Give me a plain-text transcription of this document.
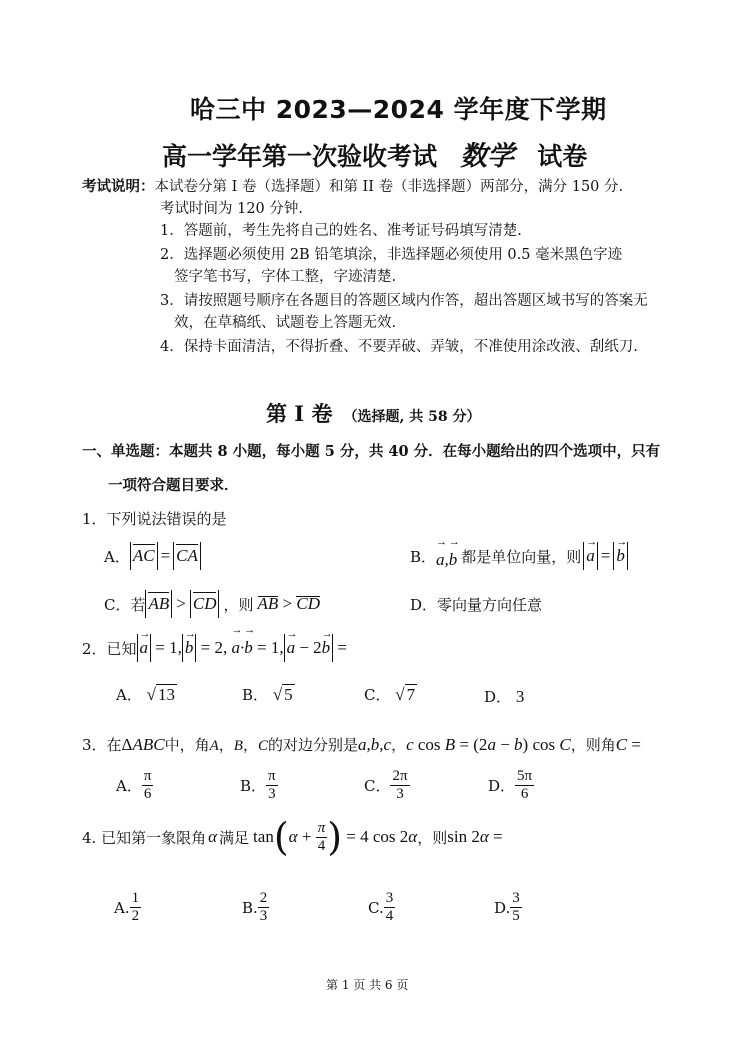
哈三中 2023—2024 学年度下学期
高一学年第一次验收考试 数学 试卷
考试说明：本试卷分第 I 卷（选择题）和第 II 卷（非选择题）两部分，满分 150 分.
考试时间为 120 分钟.
1．答题前，考生先将自己的姓名、准考证号码填写清楚.
2．选择题必须使用 2B 铅笔填涂，非选择题必须使用 0.5 毫米黑色字迹
签字笔书写，字体工整，字迹清楚.
3．请按照题号顺序在各题目的答题区域内作答，超出答题区域书写的答案无
效，在草稿纸、试题卷上答题无效.
4．保持卡面清洁，不得折叠、不要弄破、弄皱，不准使用涂改液、刮纸刀.
第 I 卷 （选择题, 共 58 分）
一、单选题：本题共 8 小题，每小题 5 分，共 40 分．在每小题给出的四个选项中，只有
一项符合题目要求．
1．下列说法错误的是
A． AC = CA	B． → a,→ b 都是单位向量，则 → a = → b
C．若 AB > CD ，则 AB > CD	D．零向量方向任意
2．已知 → a = 1, → b = 2, → a·→ b = 1, → a − 2→ b =
A． √ 13	B． √ 5	C． √ 7	D． 3
3．在ΔABC中，角A，B，C的对边分别是a,b,c，c cos B = (2a − b) cos C，则角C =
A． $\frac{\pi}{6}$	B． $\frac{\pi}{3}$	C． $\frac{2\pi}{3}$	D． $\frac{5\pi}{6}$
4. 已知第一象限角 α 满足 tan ( $\alpha + \frac{\pi}{4}$ ) = 4 cos 2α ，则 sin 2α =
A. $\frac{1}{2}$	B. $\frac{2}{3}$	C. $\frac{3}{4}$	D. $\frac{3}{5}$
第 1 页 共 6 页
